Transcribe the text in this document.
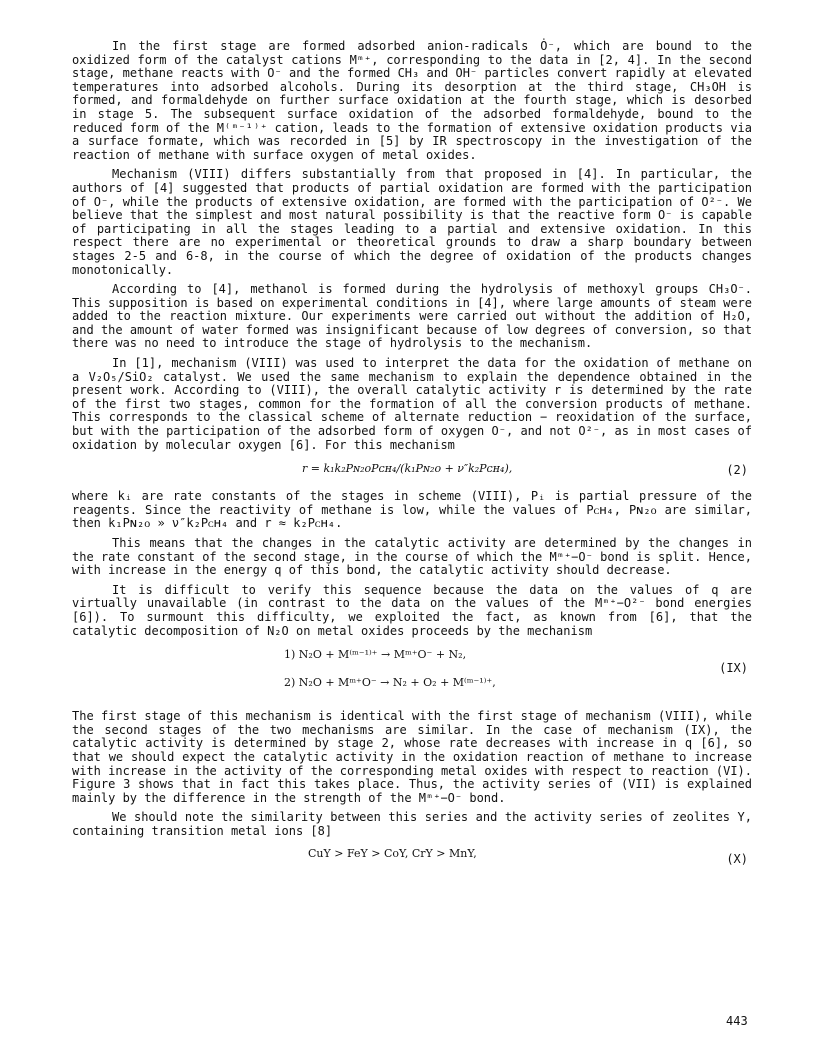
In the first stage are formed adsorbed anion-radicals Ȯ⁻, which are bound to the oxidized form of the catalyst cations Mᵐ⁺, corresponding to the data in [2, 4]. In the second stage, methane reacts with O⁻ and the formed CH₃ and OH⁻ particles convert rapidly at elevated temperatures into adsorbed alcohols. During its desorption at the third stage, CH₃OH is formed, and formaldehyde on further surface oxidation at the fourth stage, which is desorbed in stage 5. The subsequent surface oxidation of the adsorbed formaldehyde, bound to the reduced form of the M⁽ᵐ⁻¹⁾⁺ cation, leads to the formation of extensive oxidation products via a surface formate, which was recorded in [5] by IR spectroscopy in the investigation of the reaction of methane with surface oxygen of metal oxides.

Mechanism (VIII) differs substantially from that proposed in [4]. In particular, the authors of [4] suggested that products of partial oxidation are formed with the participation of O⁻, while the products of extensive oxidation, are formed with the participation of O²⁻. We believe that the simplest and most natural possibility is that the reactive form O⁻ is capable of participating in all the stages leading to a partial and extensive oxidation. In this respect there are no experimental or theoretical grounds to draw a sharp boundary between stages 2-5 and 6-8, in the course of which the degree of oxidation of the products changes monotonically.

According to [4], methanol is formed during the hydrolysis of methoxyl groups CH₃O⁻. This supposition is based on experimental conditions in [4], where large amounts of steam were added to the reaction mixture. Our experiments were carried out without the addition of H₂O, and the amount of water formed was insignificant because of low degrees of conversion, so that there was no need to introduce the stage of hydrolysis to the mechanism.

In [1], mechanism (VIII) was used to interpret the data for the oxidation of methane on a V₂O₅/SiO₂ catalyst. We used the same mechanism to explain the dependence obtained in the present work. According to (VIII), the overall catalytic activity r is determined by the rate of the first two stages, common for the formation of all the conversion products of methane. This corresponds to the classical scheme of alternate reduction − reoxidation of the surface, but with the participation of the adsorbed form of oxygen O⁻, and not O²⁻, as in most cases of oxidation by molecular oxygen [6]. For this mechanism

r = k₁k₂Pɴ₂ᴏPᴄʜ₄/(k₁Pɴ₂ᴏ + ν″k₂Pᴄʜ₄),	(2)

where kᵢ are rate constants of the stages in scheme (VIII), Pᵢ is partial pressure of the reagents. Since the reactivity of methane is low, while the values of Pᴄʜ₄, Pɴ₂ᴏ are similar, then k₁Pɴ₂ᴏ » ν″k₂Pᴄʜ₄ and r ≈ k₂Pᴄʜ₄.

This means that the changes in the catalytic activity are determined by the changes in the rate constant of the second stage, in the course of which the Mᵐ⁺−O⁻ bond is split. Hence, with increase in the energy q of this bond, the catalytic activity should decrease.

It is difficult to verify this sequence because the data on the values of q are virtually unavailable (in contrast to the data on the values of the Mᵐ⁺−O²⁻ bond energies [6]). To surmount this difficulty, we exploited the fact, as known from [6], that the catalytic decomposition of N₂O on metal oxides proceeds by the mechanism

1) N₂O + M⁽ᵐ⁻¹⁾⁺ → Mᵐ⁺O⁻ + N₂,
2) N₂O + Mᵐ⁺O⁻ → N₂ + O₂ + M⁽ᵐ⁻¹⁾⁺,
(IX)

The first stage of this mechanism is identical with the first stage of mechanism (VIII), while the second stages of the two mechanisms are similar. In the case of mechanism (IX), the catalytic activity is determined by stage 2, whose rate decreases with increase in q [6], so that we should expect the catalytic activity in the oxidation reaction of methane to increase with increase in the activity of the corresponding metal oxides with respect to reaction (VI). Figure 3 shows that in fact this takes place. Thus, the activity series of (VII) is explained mainly by the difference in the strength of the Mᵐ⁺−O⁻ bond.

We should note the similarity between this series and the activity series of zeolites Y, containing transition metal ions [8]

CuY > FeY > CoY, CrY > MnY,	(X)
443
